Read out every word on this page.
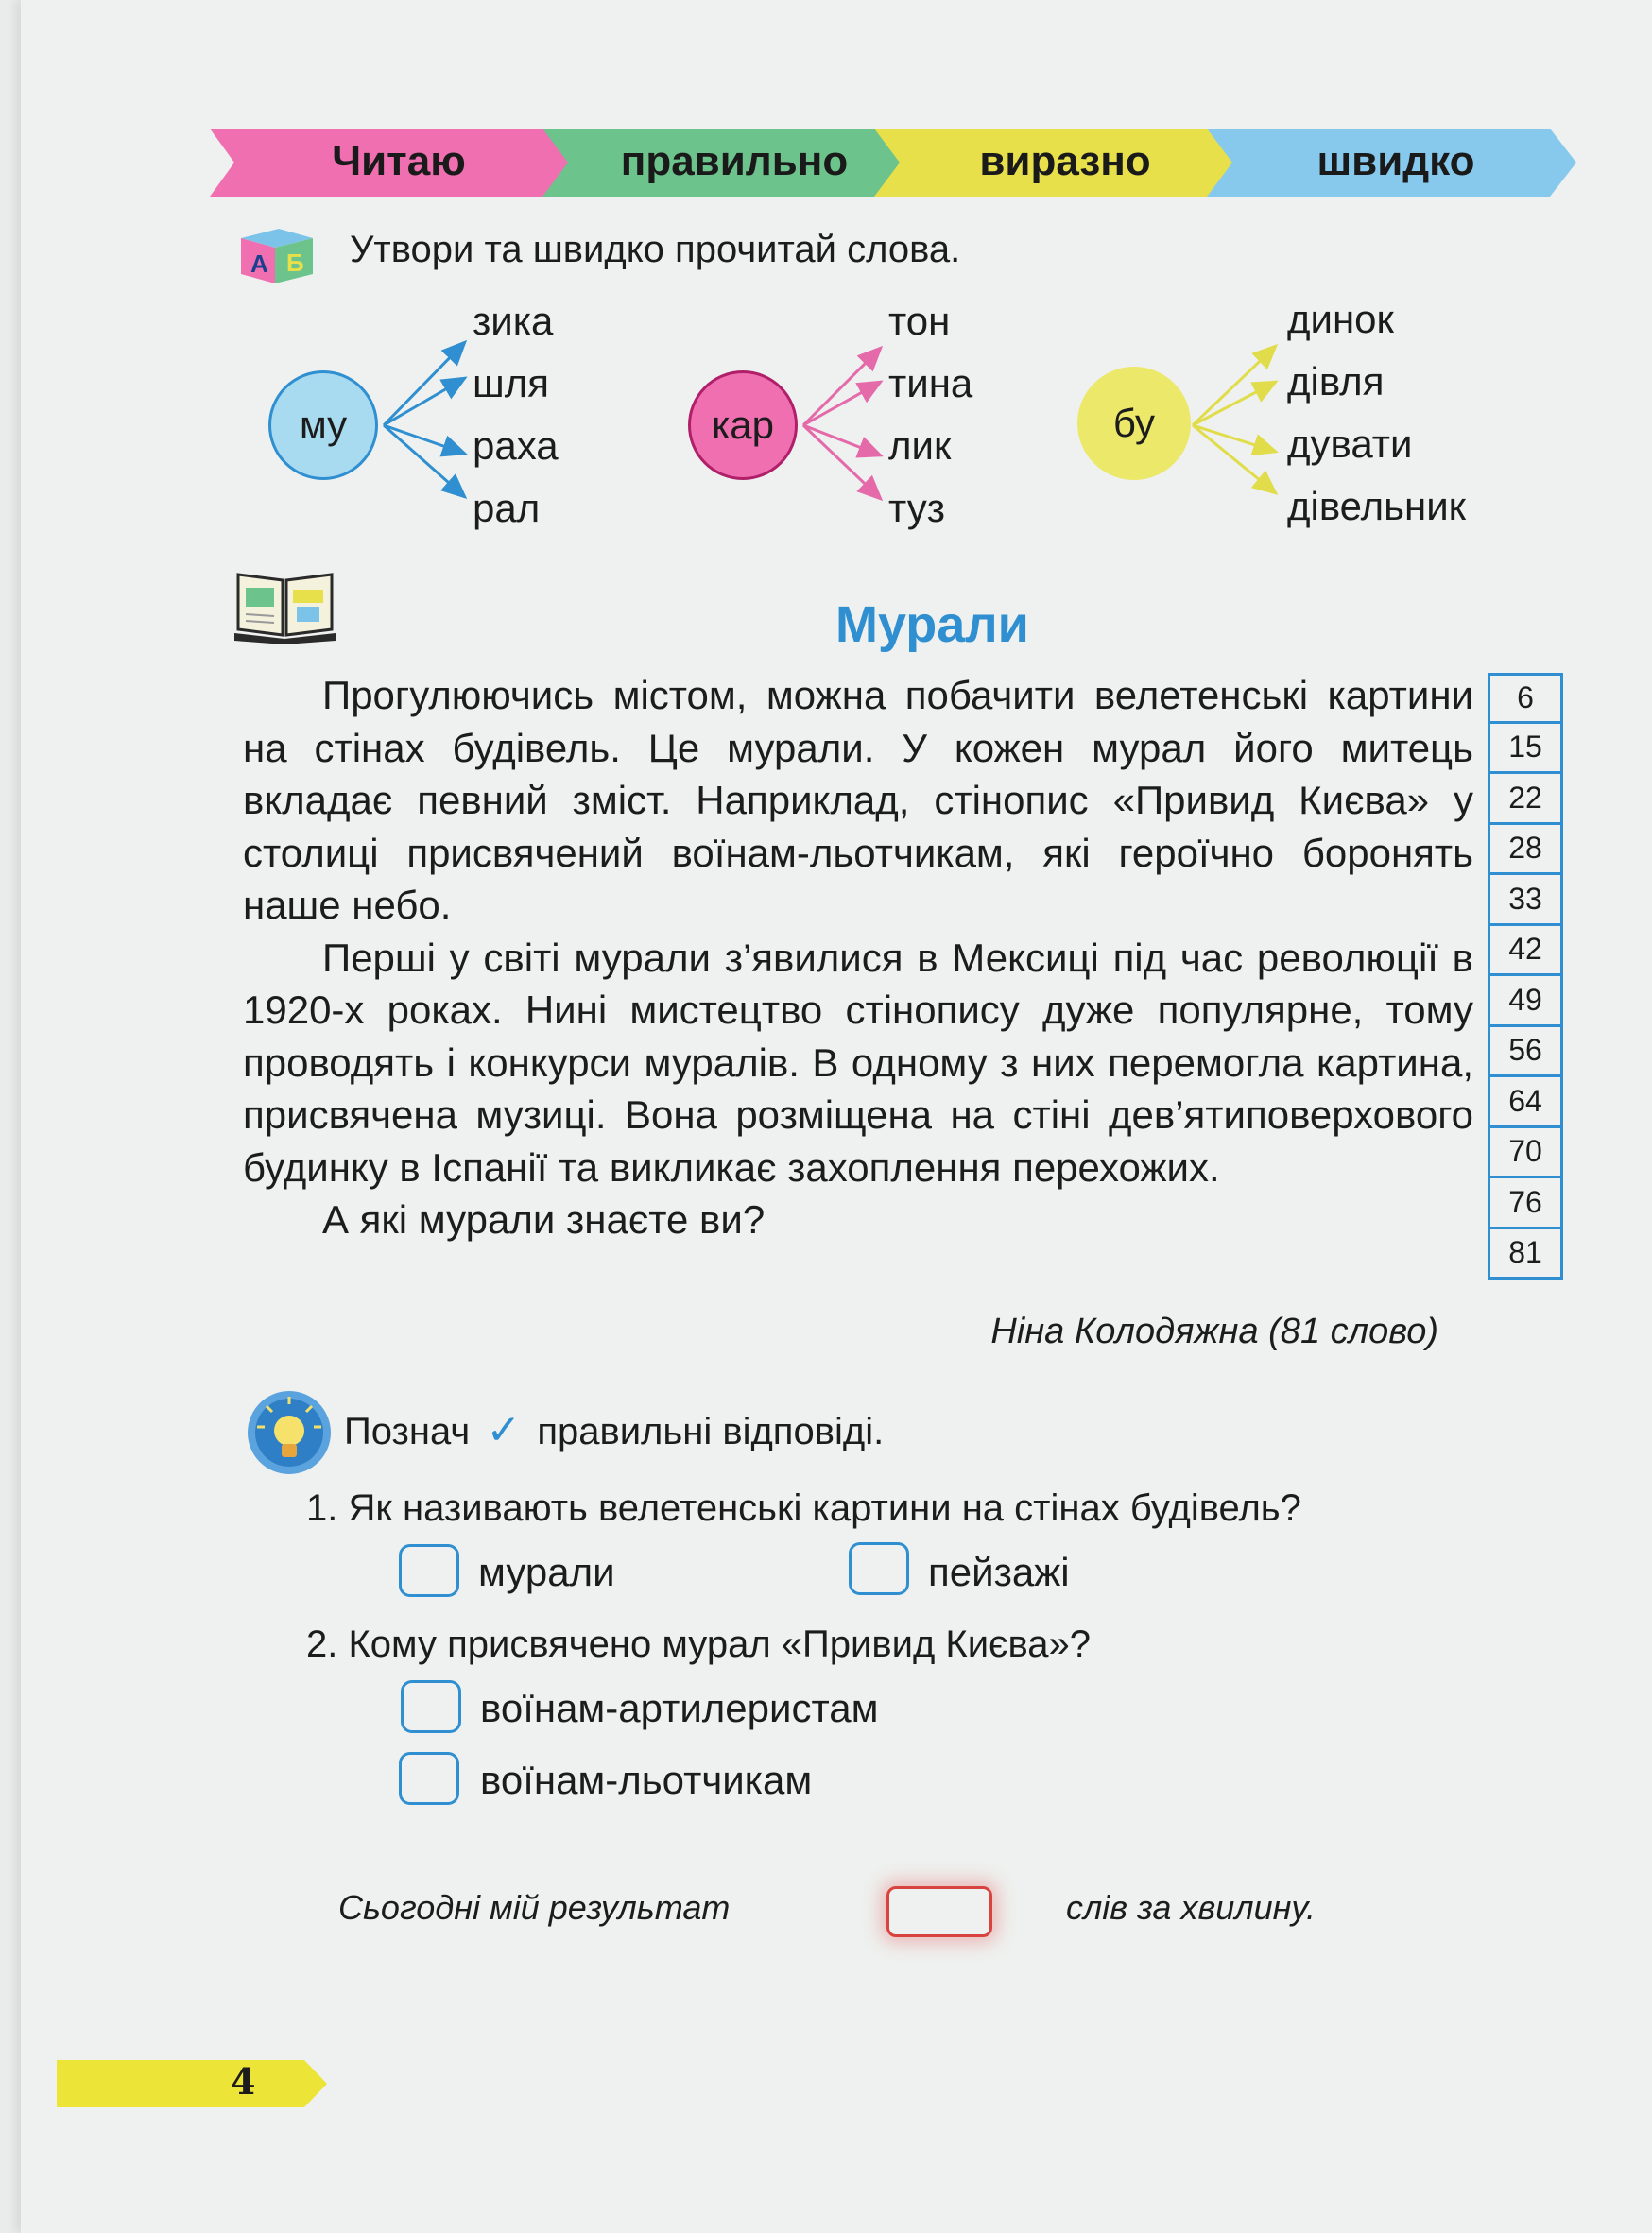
Читаю	правильно	виразно	швидко
А Б Утвори та швидко прочитай слова.
му
зика
шля
раха
рал
кар
тон
тина
лик
туз
бу
динок
дівля
дувати
дівельник
Мурали

Прогулюючись містом, можна побачити велетенські картини на стінах будівель. Це мурали. У кожен мурал його митець вкладає певний зміст. Наприклад, стінопис «Привид Києва» у столиці присвячений воїнам-льотчикам, які героїчно боронять наше небо.

Перші у світі мурали з’явилися в Мексиці під час революції в 1920-х роках. Нині мистецтво стінопису дуже популярне, тому проводять і конкурси муралів. В одному з них перемогла картина, присвячена музиці. Вона розміщена на стіні дев’ятиповерхового будинку в Іспанії та викликає захоплення перехожих.

А які мурали знаєте ви?

6
15
22
28
33
42
49
56
64
70
76
81
Ніна Колодяжна (81 слово)
Познач ✓ правильні відповіді.
1. Як називають велетенські картини на стінах будівель?
мурали	пейзажі
2. Кому присвячено мурал «Привид Києва»?
воїнам-артилеристам
воїнам-льотчикам
Сьогодні мій результат	слів за хвилину.
4
